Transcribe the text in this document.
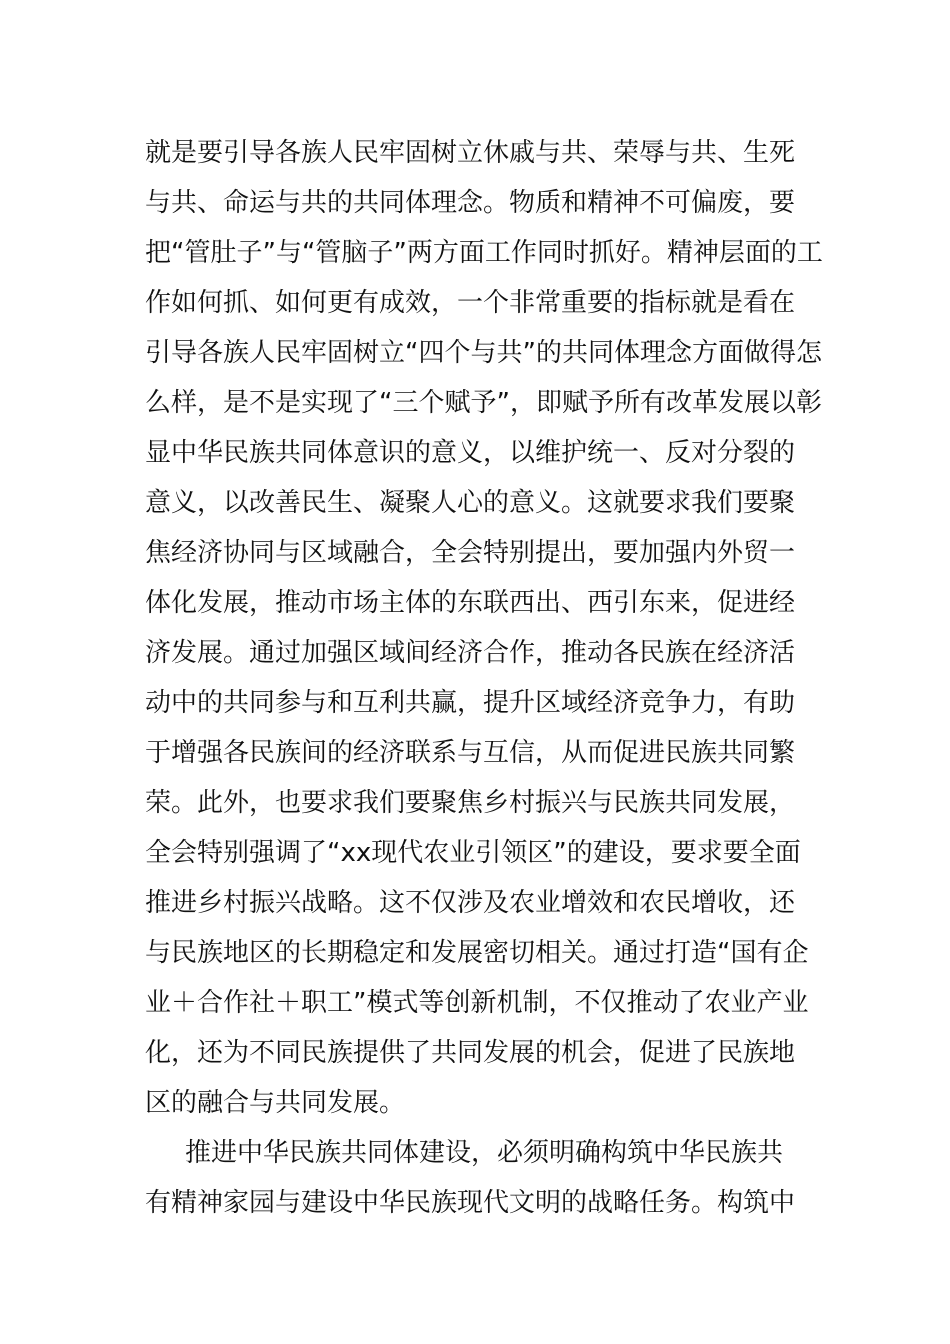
就是要引导各族人民牢固树立休戚与共、荣辱与共、生死
与共、命运与共的共同体理念。物质和精神不可偏废，要
把“管肚子”与“管脑子”两方面工作同时抓好。精神层面的工
作如何抓、如何更有成效，一个非常重要的指标就是看在
引导各族人民牢固树立“四个与共”的共同体理念方面做得怎
么样，是不是实现了“三个赋予”，即赋予所有改革发展以彰
显中华民族共同体意识的意义，以维护统一、反对分裂的
意义，以改善民生、凝聚人心的意义。这就要求我们要聚
焦经济协同与区域融合，全会特别提出，要加强内外贸一
体化发展，推动市场主体的东联西出、西引东来，促进经
济发展。通过加强区域间经济合作，推动各民族在经济活
动中的共同参与和互利共赢，提升区域经济竞争力，有助
于增强各民族间的经济联系与互信，从而促进民族共同繁
荣。此外，也要求我们要聚焦乡村振兴与民族共同发展，
全会特别强调了“xx现代农业引领区”的建设，要求要全面
推进乡村振兴战略。这不仅涉及农业增效和农民增收，还
与民族地区的长期稳定和发展密切相关。通过打造“国有企
业＋合作社＋职工”模式等创新机制，不仅推动了农业产业
化，还为不同民族提供了共同发展的机会，促进了民族地
区的融合与共同发展。
推进中华民族共同体建设，必须明确构筑中华民族共
有精神家园与建设中华民族现代文明的战略任务。构筑中
